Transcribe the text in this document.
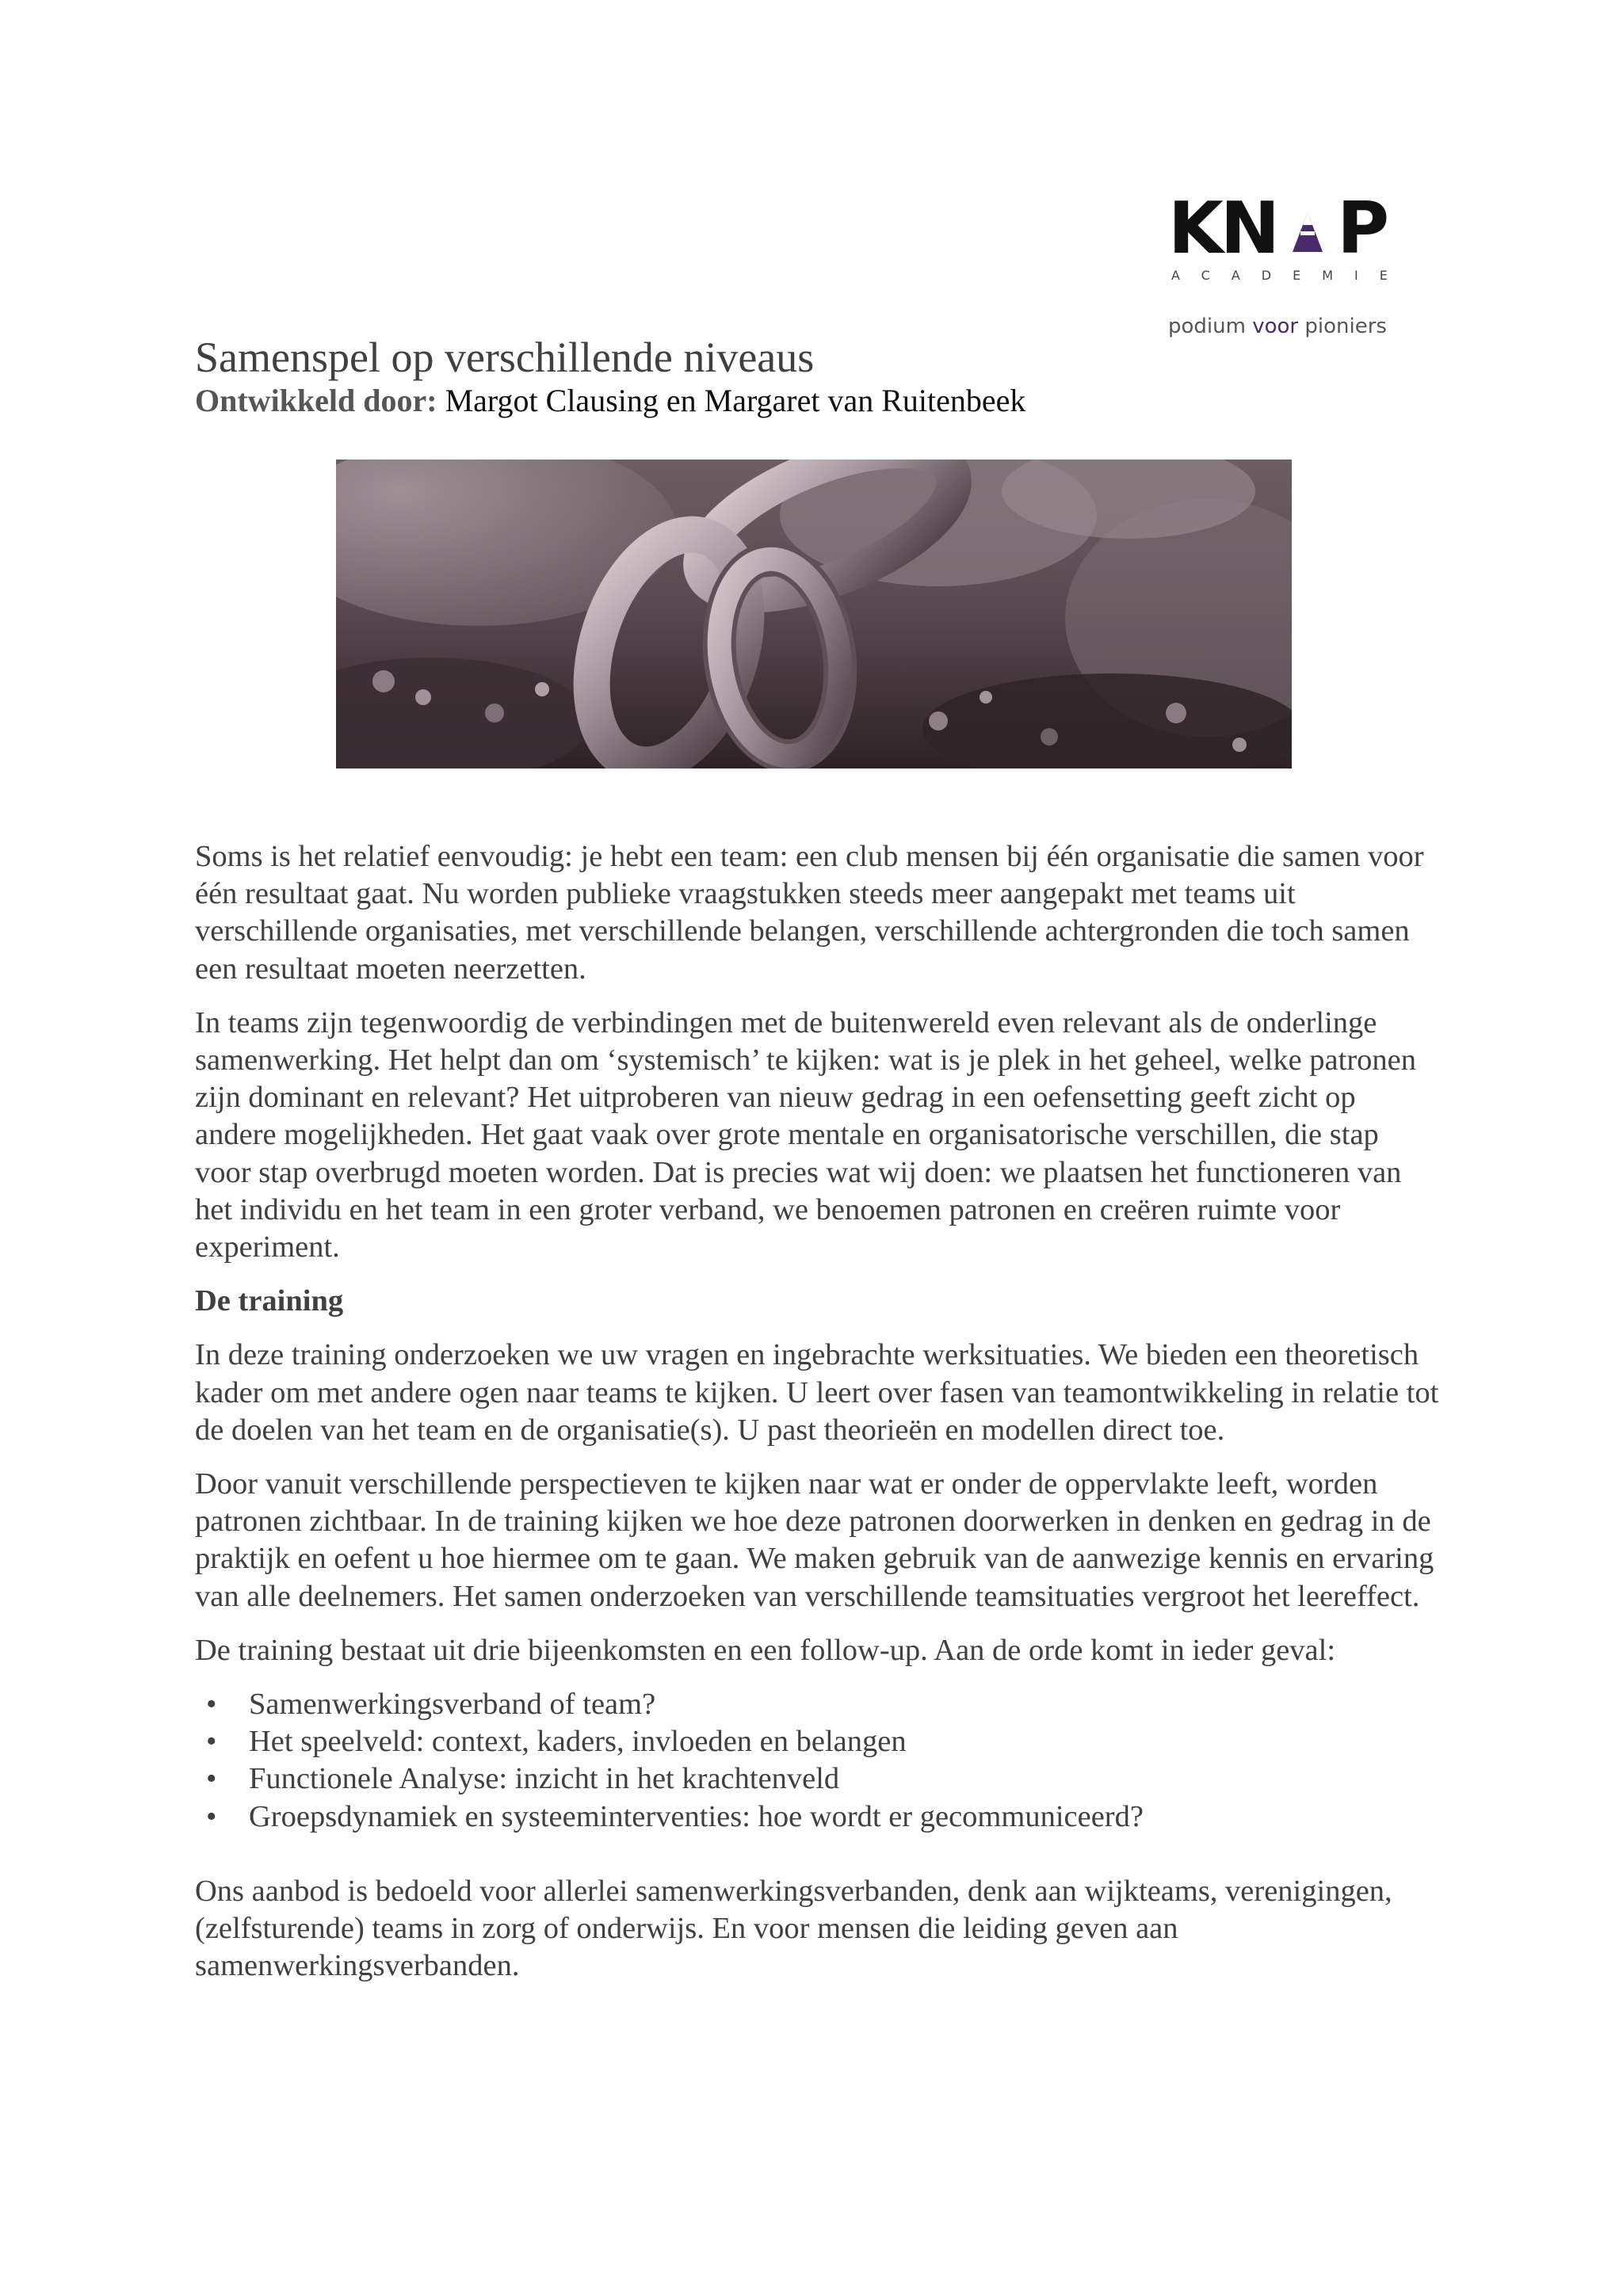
KN P
ACADEMIE
podium voor pioniers
Samenspel op verschillende niveaus
Ontwikkeld door: Margot Clausing en Margaret van Ruitenbeek

Soms is het relatief eenvoudig: je hebt een team: een club mensen bij één organisatie die samen voor één resultaat gaat. Nu worden publieke vraagstukken steeds meer aangepakt met teams uit verschillende organisaties, met verschillende belangen, verschillende achtergronden die toch samen een resultaat moeten neerzetten.

In teams zijn tegenwoordig de verbindingen met de buitenwereld even relevant als de onderlinge samenwerking. Het helpt dan om ‘systemisch’ te kijken: wat is je plek in het geheel, welke patronen zijn dominant en relevant? Het uitproberen van nieuw gedrag in een oefensetting geeft zicht op andere mogelijkheden. Het gaat vaak over grote mentale en organisatorische verschillen, die stap voor stap overbrugd moeten worden. Dat is precies wat wij doen: we plaatsen het functioneren van het individu en het team in een groter verband, we benoemen patronen en creëren ruimte voor experiment.

De training

In deze training onderzoeken we uw vragen en ingebrachte werksituaties. We bieden een theoretisch kader om met andere ogen naar teams te kijken. U leert over fasen van teamontwikkeling in relatie tot de doelen van het team en de organisatie(s). U past theorieën en modellen direct toe.

Door vanuit verschillende perspectieven te kijken naar wat er onder de oppervlakte leeft, worden patronen zichtbaar. In de training kijken we hoe deze patronen doorwerken in denken en gedrag in de praktijk en oefent u hoe hiermee om te gaan. We maken gebruik van de aanwezige kennis en ervaring van alle deelnemers. Het samen onderzoeken van verschillende teamsituaties vergroot het leereffect.

De training bestaat uit drie bijeenkomsten en een follow-up. Aan de orde komt in ieder geval:

• Samenwerkingsverband of team?
• Het speelveld: context, kaders, invloeden en belangen
• Functionele Analyse: inzicht in het krachtenveld
• Groepsdynamiek en systeeminterventies: hoe wordt er gecommuniceerd?

Ons aanbod is bedoeld voor allerlei samenwerkingsverbanden, denk aan wijkteams, verenigingen, (zelfsturende) teams in zorg of onderwijs. En voor mensen die leiding geven aan samenwerkingsverbanden.
